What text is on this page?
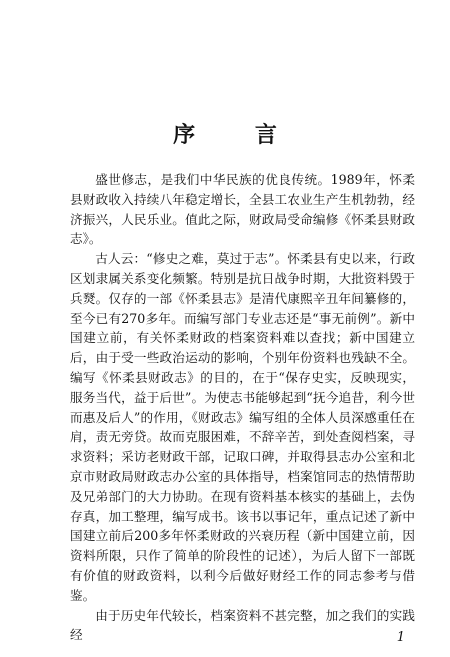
序 言

盛世修志，是我们中华民族的优良传统。1989年，怀柔县财政收入持续八年稳定增长，全县工农业生产生机勃勃，经济振兴，人民乐业。值此之际，财政局受命编修《怀柔县财政志》。

古人云：“修史之难，莫过于志”。怀柔县有史以来，行政区划隶属关系变化频繁。特别是抗日战争时期，大批资料毁于兵燹。仅存的一部《怀柔县志》是清代康熙辛丑年间纂修的，至今已有270多年。而编写部门专业志还是“事无前例”。新中国建立前，有关怀柔财政的档案资料难以查找；新中国建立后，由于受一些政治运动的影响，个别年份资料也残缺不全。编写《怀柔县财政志》的目的，在于“保存史实，反映现实，服务当代，益于后世”。为使志书能够起到“抚今追昔，利今世而惠及后人”的作用，《财政志》编写组的全体人员深感重任在肩，责无旁贷。故而克服困难，不辞辛苦，到处查阅档案，寻求资料；采访老财政干部，记取口碑，并取得县志办公室和北京市财政局财政志办公室的具体指导，档案馆同志的热情帮助及兄弟部门的大力协助。在现有资料基本核实的基础上，去伪存真，加工整理，编写成书。该书以事记年，重点记述了新中国建立前后200多年怀柔财政的兴衰历程（新中国建立前，因资料所限，只作了简单的阶段性的记述），为后人留下一部既有价值的财政资料，以利今后做好财经工作的同志参考与借鉴。

由于历史年代较长，档案资料不甚完整，加之我们的实践经	1
